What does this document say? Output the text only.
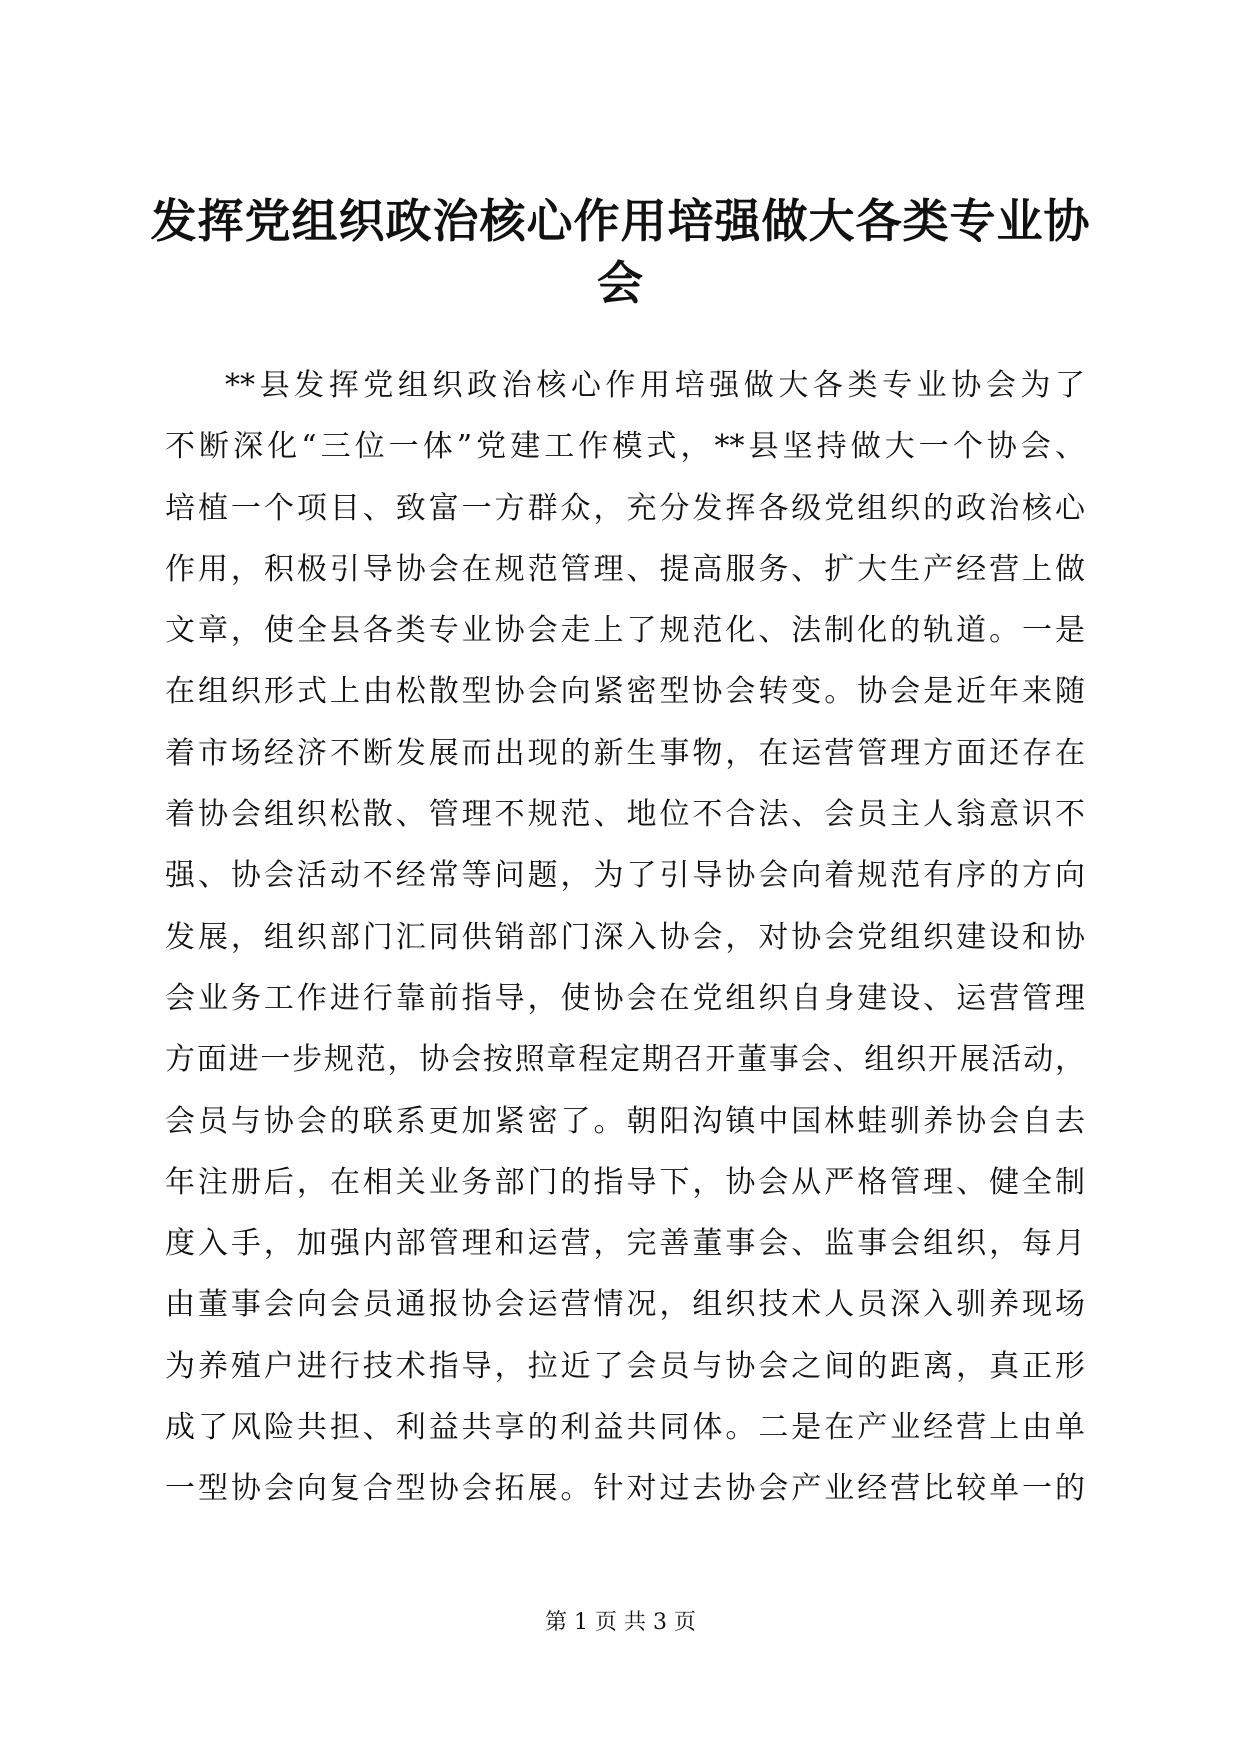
发挥党组织政治核心作用培强做大各类专业协
会
**县发挥党组织政治核心作用培强做大各类专业协会为了
不断深化“三位一体”党建工作模式，**县坚持做大一个协会、
培植一个项目、致富一方群众，充分发挥各级党组织的政治核心
作用，积极引导协会在规范管理、提高服务、扩大生产经营上做
文章，使全县各类专业协会走上了规范化、法制化的轨道。一是
在组织形式上由松散型协会向紧密型协会转变。协会是近年来随
着市场经济不断发展而出现的新生事物，在运营管理方面还存在
着协会组织松散、管理不规范、地位不合法、会员主人翁意识不
强、协会活动不经常等问题，为了引导协会向着规范有序的方向
发展，组织部门汇同供销部门深入协会，对协会党组织建设和协
会业务工作进行靠前指导，使协会在党组织自身建设、运营管理
方面进一步规范，协会按照章程定期召开董事会、组织开展活动，
会员与协会的联系更加紧密了。朝阳沟镇中国林蛙驯养协会自去
年注册后，在相关业务部门的指导下，协会从严格管理、健全制
度入手，加强内部管理和运营，完善董事会、监事会组织，每月
由董事会向会员通报协会运营情况，组织技术人员深入驯养现场
为养殖户进行技术指导，拉近了会员与协会之间的距离，真正形
成了风险共担、利益共享的利益共同体。二是在产业经营上由单
一型协会向复合型协会拓展。针对过去协会产业经营比较单一的
第 1 页 共 3 页
